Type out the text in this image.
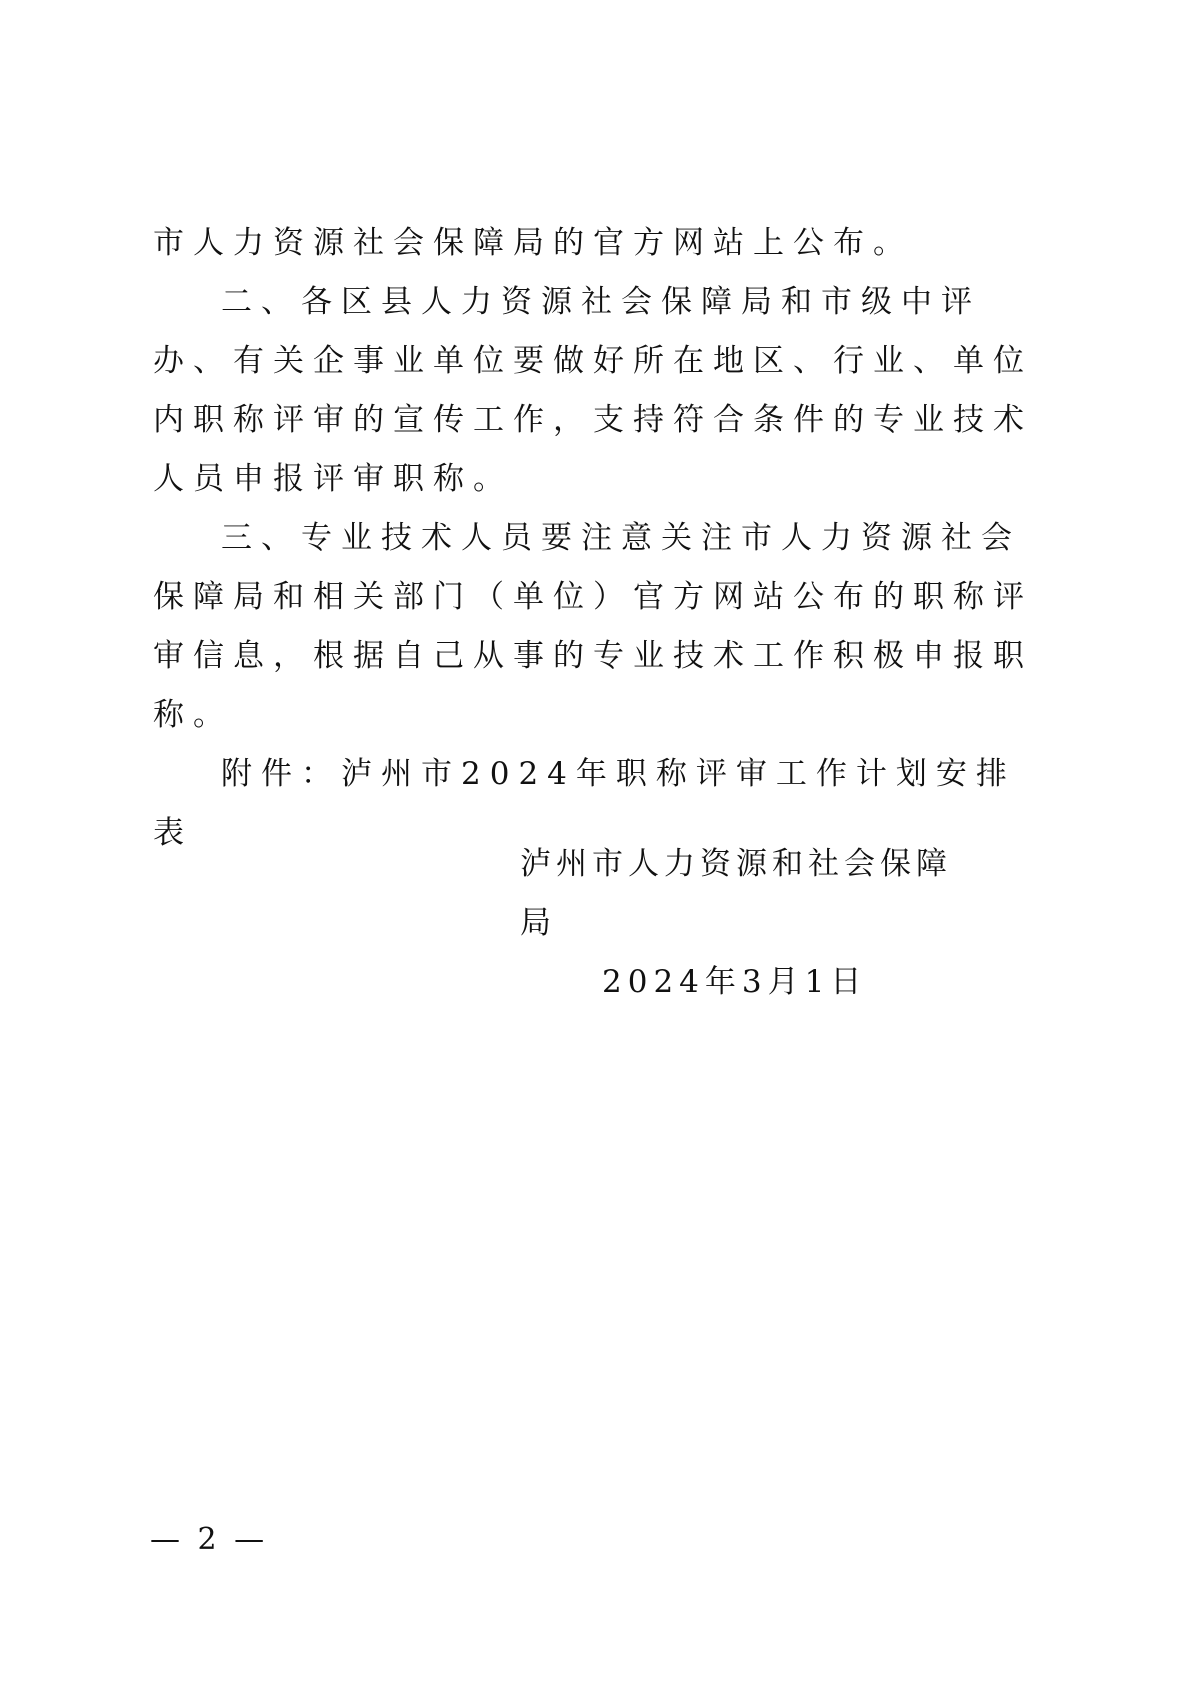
市人力资源社会保障局的官方网站上公布。

二、各区县人力资源社会保障局和市级中评办、有关企事业单位要做好所在地区、行业、单位内职称评审的宣传工作，支持符合条件的专业技术人员申报评审职称。

三、专业技术人员要注意关注市人力资源社会保障局和相关部门（单位）官方网站公布的职称评审信息，根据自己从事的专业技术工作积极申报职称。

附件：泸州市2024年职称评审工作计划安排表

泸州市人力资源和社会保障局

2024年3月1日

— 2 —
